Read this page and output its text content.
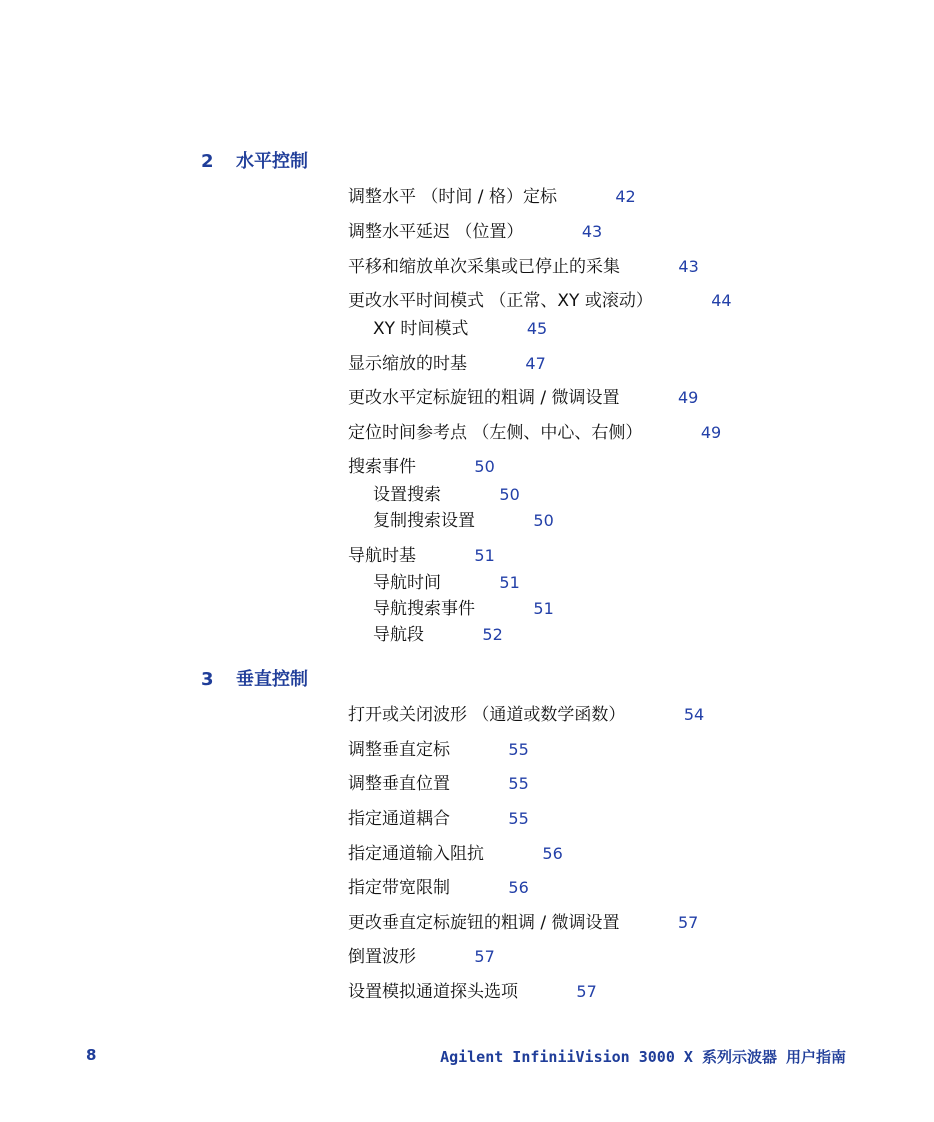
2 水平控制
调整水平 （时间 / 格）定标	42
调整水平延迟 （位置）	43
平移和缩放单次采集或已停止的采集	43
更改水平时间模式 （正常、XY 或滚动）	44
XY 时间模式	45
显示缩放的时基	47
更改水平定标旋钮的粗调 / 微调设置	49
定位时间参考点 （左侧、中心、右侧）	49
搜索事件	50
设置搜索	50
复制搜索设置	50
导航时基	51
导航时间	51
导航搜索事件	51
导航段	52
3 垂直控制
打开或关闭波形 （通道或数学函数）	54
调整垂直定标	55
调整垂直位置	55
指定通道耦合	55
指定通道输入阻抗	56
指定带宽限制	56
更改垂直定标旋钮的粗调 / 微调设置	57
倒置波形	57
设置模拟通道探头选项	57
8	Agilent InfiniiVision 3000 X 系列示波器 用户指南
